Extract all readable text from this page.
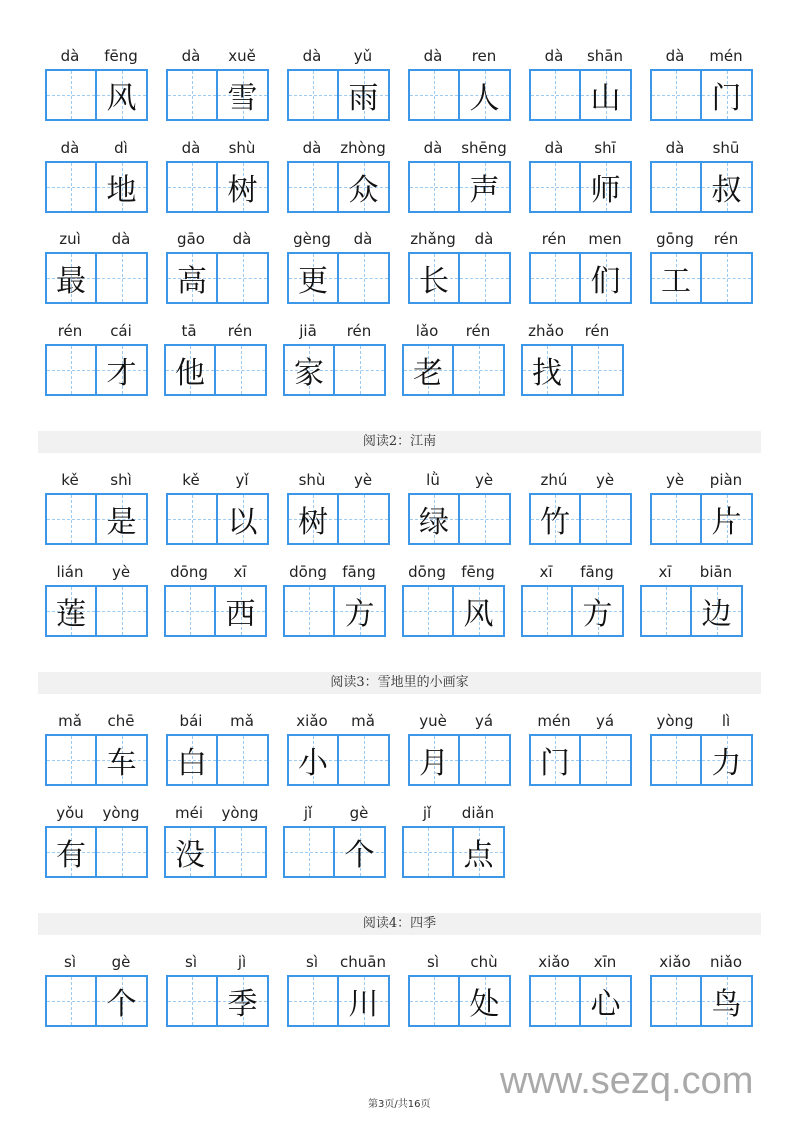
dà	fēng
风
dà	xuě
雪
dà	yǔ
雨
dà	ren
人
dà	shān
山
dà	mén
门
dà	dì
地
dà	shù
树
dà	zhòng
众
dà	shēng
声
dà	shī
师
dà	shū
叔
zuì	dà
最
gāo	dà
高
gèng	dà
更
zhǎng	dà
长
rén	men
们
gōng	rén
工
rén	cái
才
tā	rén
他
jiā	rén
家
lǎo	rén
老
zhǎo	rén
找
阅读2：江南
kě	shì
是
kě	yǐ
以
shù	yè
树
lǜ	yè
绿
zhú	yè
竹
yè	piàn
片
lián	yè
莲
dōng	xī
西
dōng	fāng
方
dōng	fēng
风
xī	fāng
方
xī	biān
边
阅读3：雪地里的小画家
mǎ	chē
车
bái	mǎ
白
xiǎo	mǎ
小
yuè	yá
月
mén	yá
门
yòng	lì
力
yǒu	yòng
有
méi	yòng
没
jǐ	gè
个
jǐ	diǎn
点
阅读4：四季
sì	gè
个
sì	jì
季
sì	chuān
川
sì	chù
处
xiǎo	xīn
心
xiǎo	niǎo
鸟
第3页/共16页
www.sezq.com
